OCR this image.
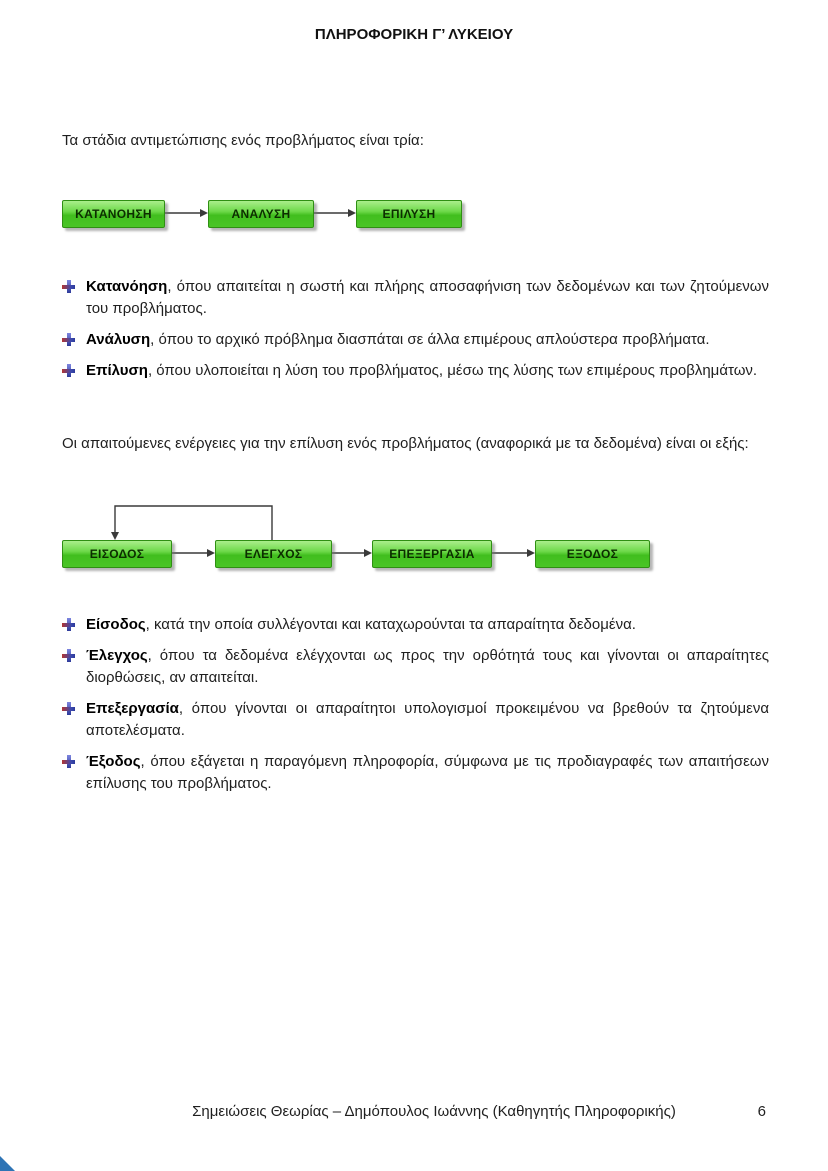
ΠΛΗΡΟΦΟΡΙΚΗ Γ’ ΛΥΚΕΙΟΥ

Τα στάδια αντιμετώπισης ενός προβλήματος είναι τρία:

ΚΑΤΑΝΟΗΣΗ	ΑΝΑΛΥΣΗ	ΕΠΙΛΥΣΗ
Κατανόηση, όπου απαιτείται η σωστή και πλήρης αποσαφήνιση των δεδομένων και των ζητούμενων του προβλήματος.
Ανάλυση, όπου το αρχικό πρόβλημα διασπάται σε άλλα επιμέρους απλούστερα προβλήματα.
Επίλυση, όπου υλοποιείται η λύση του προβλήματος, μέσω της λύσης των επιμέρους προβλημάτων.

Οι απαιτούμενες ενέργειες για την επίλυση ενός προβλήματος (αναφορικά με τα δεδομένα) είναι οι εξής:

ΕΙΣΟΔΟΣ	ΕΛΕΓΧΟΣ	ΕΠΕΞΕΡΓΑΣΙΑ	ΕΞΟΔΟΣ
Είσοδος, κατά την οποία συλλέγονται και καταχωρούνται τα απαραίτητα δεδομένα.
Έλεγχος, όπου τα δεδομένα ελέγχονται ως προς την ορθότητά τους και γίνονται οι απαραίτητες διορθώσεις, αν απαιτείται.
Επεξεργασία, όπου γίνονται οι απαραίτητοι υπολογισμοί προκειμένου να βρεθούν τα ζητούμενα αποτελέσματα.
Έξοδος, όπου εξάγεται η παραγόμενη πληροφορία, σύμφωνα με τις προδιαγραφές των απαιτήσεων επίλυσης του προβλήματος.
Σημειώσεις Θεωρίας – Δημόπουλος Ιωάννης (Καθηγητής Πληροφορικής)	6
